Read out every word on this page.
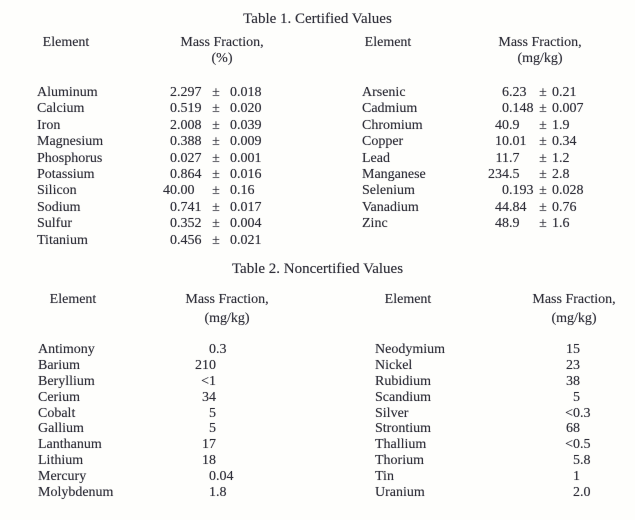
Table 1. Certified Values
Element	Mass Fraction,
(%)
Element	Mass Fraction,
(mg/kg)
Aluminum	2 .297 ± 0.018
Calcium	0 .519 ± 0.020
Iron	2 .008 ± 0.039
Magnesium	0 .388 ± 0.009
Phosphorus	0 .027 ± 0.001
Potassium	0 .864 ± 0.016
Silicon	40 .00	± 0.16
Sodium	0 .741 ± 0.017
Sulfur	0 .352 ± 0.004
Titanium	0 .456 ± 0.021
Arsenic	6 .23 ± 0.21
Cadmium	0 .148 ± 0.007
Chromium	40 .9	± 1.9
Copper	10 .01 ± 0.34
Lead	11 .7	± 1.2
Manganese	234 .5	± 2.8
Selenium	0 .193 ± 0.028
Vanadium	44 .84 ± 0.76
Zinc	48 .9	± 1.6
Table 2. Noncertified Values
Element	Mass Fraction,
(mg/kg)
Element	Mass Fraction,
(mg/kg)
Antimony	0 .3
Barium	210
Beryllium	<1
Cerium	34
Cobalt	5
Gallium	5
Lanthanum	17
Lithium	18
Mercury	0 .04
Molybdenum	1 .8
Neodymium	15
Nickel	23
Rubidium	38
Scandium	5
Silver	<0 .3
Strontium	68
Thallium	<0 .5
Thorium	5 .8
Tin	1
Uranium	2 .0
